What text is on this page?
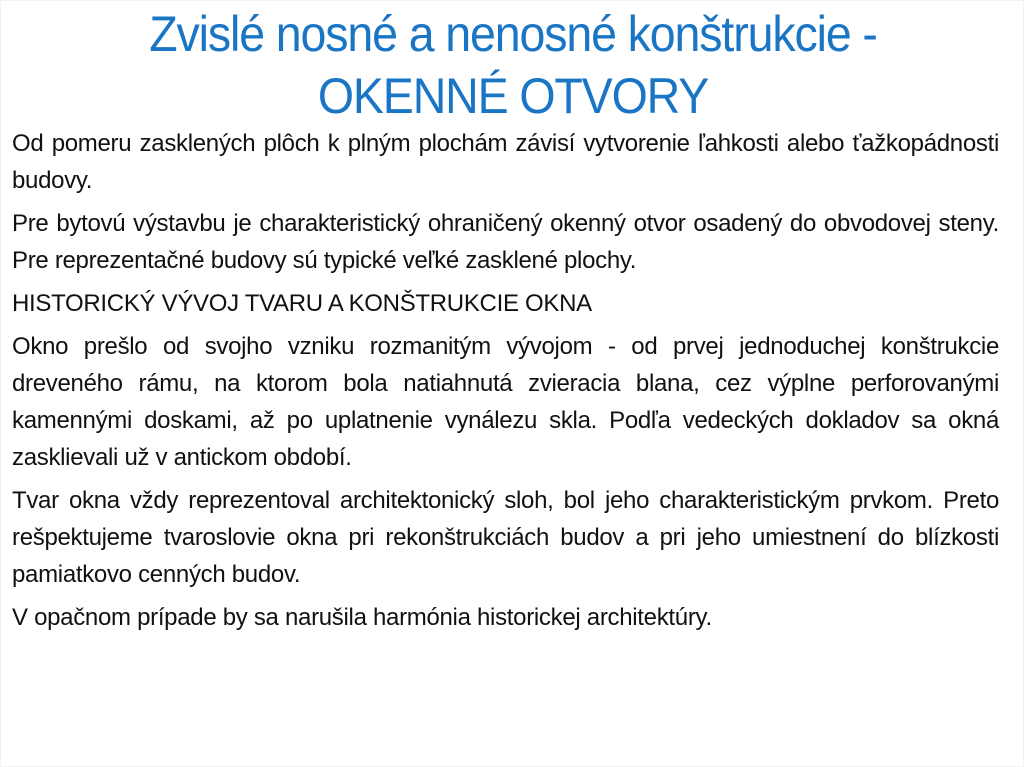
Zvislé nosné a nenosné konštrukcie -
OKENNÉ OTVORY

Od pomeru zasklených plôch k plným plochám závisí vytvorenie ľahkosti alebo ťažkopádnosti budovy.

Pre bytovú výstavbu je charakteristický ohraničený okenný otvor osadený do obvodovej steny. Pre reprezentačné budovy sú typické veľké zasklené plochy.

HISTORICKÝ VÝVOJ TVARU A KONŠTRUKCIE OKNA

Okno prešlo od svojho vzniku rozmanitým vývojom - od prvej jednoduchej konštrukcie dreveného rámu, na ktorom bola natiahnutá zvieracia blana, cez výplne perforovanými kamennými doskami, až po uplatnenie vynálezu skla. Podľa vedeckých dokladov sa okná zasklievali už v antickom období.

Tvar okna vždy reprezentoval architektonický sloh, bol jeho charakteristickým prvkom. Preto rešpektujeme tvaroslovie okna pri rekonštrukciách budov a pri jeho umiestnení do blízkosti pamiatkovo cenných budov.

V opačnom prípade by sa narušila harmónia historickej architektúry.
